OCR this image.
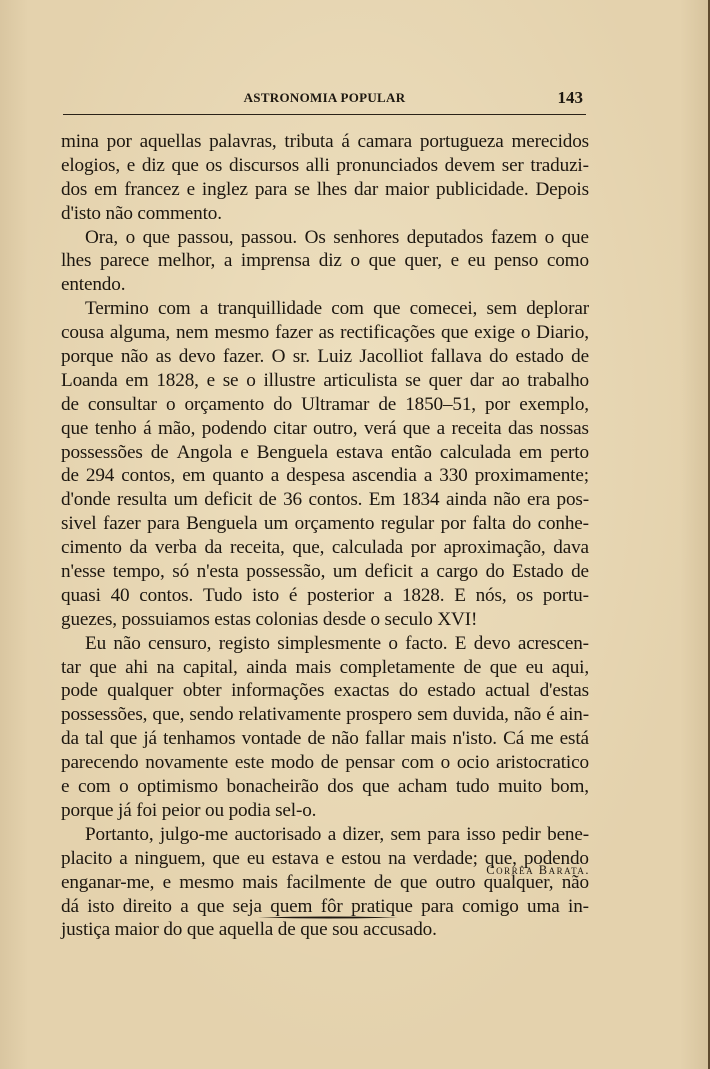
ASTRONOMIA POPULAR	143
mina por aquellas palavras, tributa á camara portugueza merecidos
elogios, e diz que os discursos alli pronunciados devem ser traduzi-
dos em francez e inglez para se lhes dar maior publicidade. Depois
d'isto não commento.
Ora, o que passou, passou. Os senhores deputados fazem o que
lhes parece melhor, a imprensa diz o que quer, e eu penso como
entendo.
Termino com a tranquillidade com que comecei, sem deplorar
cousa alguma, nem mesmo fazer as rectificações que exige o Diario,
porque não as devo fazer. O sr. Luiz Jacolliot fallava do estado de
Loanda em 1828, e se o illustre articulista se quer dar ao trabalho
de consultar o orçamento do Ultramar de 1850–51, por exemplo,
que tenho á mão, podendo citar outro, verá que a receita das nossas
possessões de Angola e Benguela estava então calculada em perto
de 294 contos, em quanto a despesa ascendia a 330 proximamente;
d'onde resulta um deficit de 36 contos. Em 1834 ainda não era pos-
sivel fazer para Benguela um orçamento regular por falta do conhe-
cimento da verba da receita, que, calculada por aproximação, dava
n'esse tempo, só n'esta possessão, um deficit a cargo do Estado de
quasi 40 contos. Tudo isto é posterior a 1828. E nós, os portu-
guezes, possuiamos estas colonias desde o seculo XVI!
Eu não censuro, registo simplesmente o facto. E devo acrescen-
tar que ahi na capital, ainda mais completamente de que eu aqui,
pode qualquer obter informações exactas do estado actual d'estas
possessões, que, sendo relativamente prospero sem duvida, não é ain-
da tal que já tenhamos vontade de não fallar mais n'isto. Cá me está
parecendo novamente este modo de pensar com o ocio aristocratico
e com o optimismo bonacheirão dos que acham tudo muito bom,
porque já foi peior ou podia sel-o.
Portanto, julgo-me auctorisado a dizer, sem para isso pedir bene-
placito a ninguem, que eu estava e estou na verdade; que, podendo
enganar-me, e mesmo mais facilmente de que outro qualquer, não
dá isto direito a que seja quem fôr pratique para comigo uma in-
justiça maior do que aquella de que sou accusado.
Corrêa Barata.
